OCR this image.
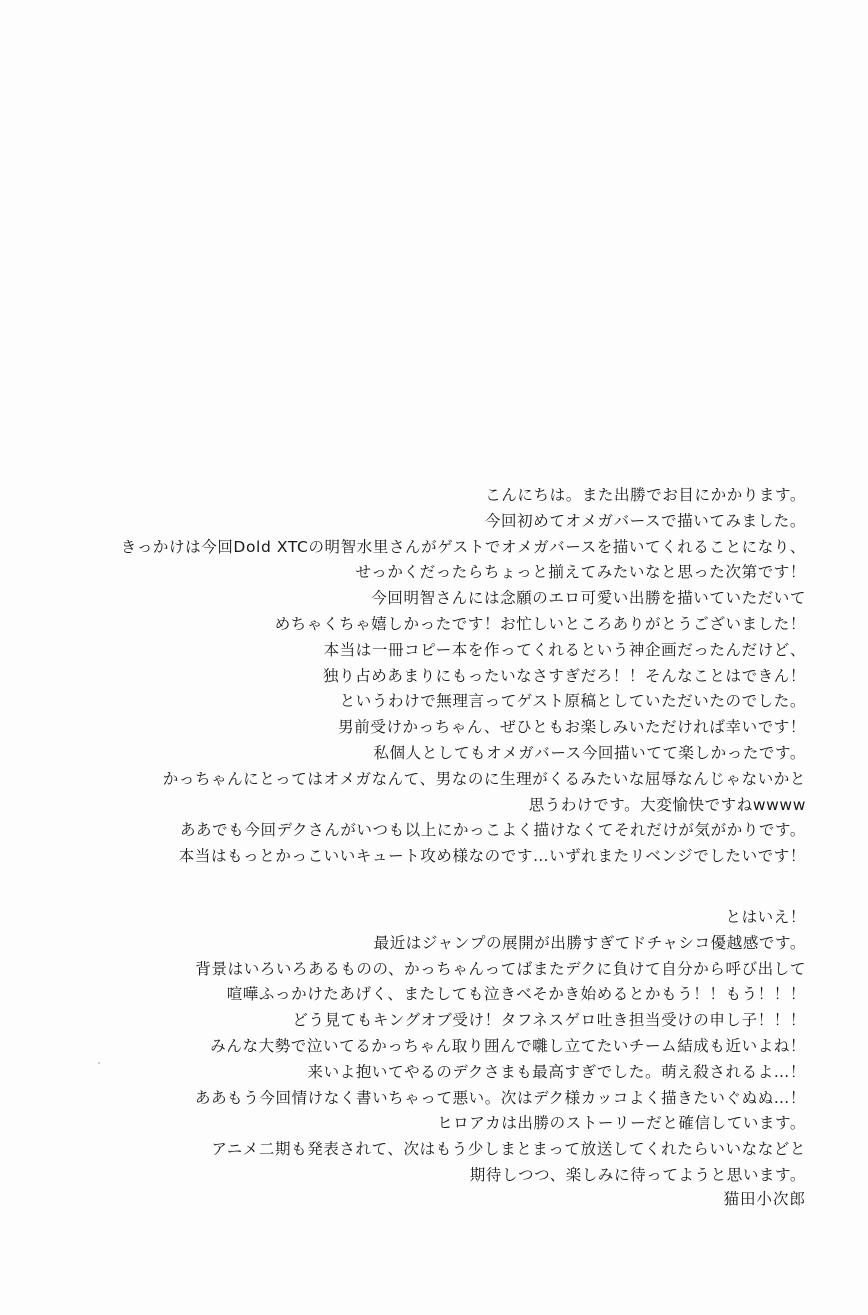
こんにちは。また出勝でお目にかかります。
今回初めてオメガバースで描いてみました。
きっかけは今回Dold XTCの明智水里さんがゲストでオメガバースを描いてくれることになり、
せっかくだったらちょっと揃えてみたいなと思った次第です！
今回明智さんには念願のエロ可愛い出勝を描いていただいて
めちゃくちゃ嬉しかったです！お忙しいところありがとうございました！
本当は一冊コピー本を作ってくれるという神企画だったんだけど、
独り占めあまりにもったいなさすぎだろ！！そんなことはできん！
というわけで無理言ってゲスト原稿としていただいたのでした。
男前受けかっちゃん、ぜひともお楽しみいただければ幸いです！
私個人としてもオメガバース今回描いてて楽しかったです。
かっちゃんにとってはオメガなんて、男なのに生理がくるみたいな屈辱なんじゃないかと
思うわけです。大変愉快ですねwwww
ああでも今回デクさんがいつも以上にかっこよく描けなくてそれだけが気がかりです。
本当はもっとかっこいいキュート攻め様なのです…いずれまたリベンジでしたいです！
とはいえ！
最近はジャンプの展開が出勝すぎてドチャシコ優越感です。
背景はいろいろあるものの、かっちゃんってばまたデクに負けて自分から呼び出して
喧嘩ふっかけたあげく、またしても泣きべそかき始めるとかもう！！もう！！！
どう見てもキングオブ受け！タフネスゲロ吐き担当受けの申し子！！！
みんな大勢で泣いてるかっちゃん取り囲んで囃し立てたいチーム結成も近いよね！
来いよ抱いてやるのデクさまも最高すぎでした。萌え殺されるよ…！
ああもう今回情けなく書いちゃって悪い。次はデク様カッコよく描きたいぐぬぬ…！
ヒロアカは出勝のストーリーだと確信しています。
アニメ二期も発表されて、次はもう少しまとまって放送してくれたらいいななどと
期待しつつ、楽しみに待ってようと思います。
猫田小次郎
